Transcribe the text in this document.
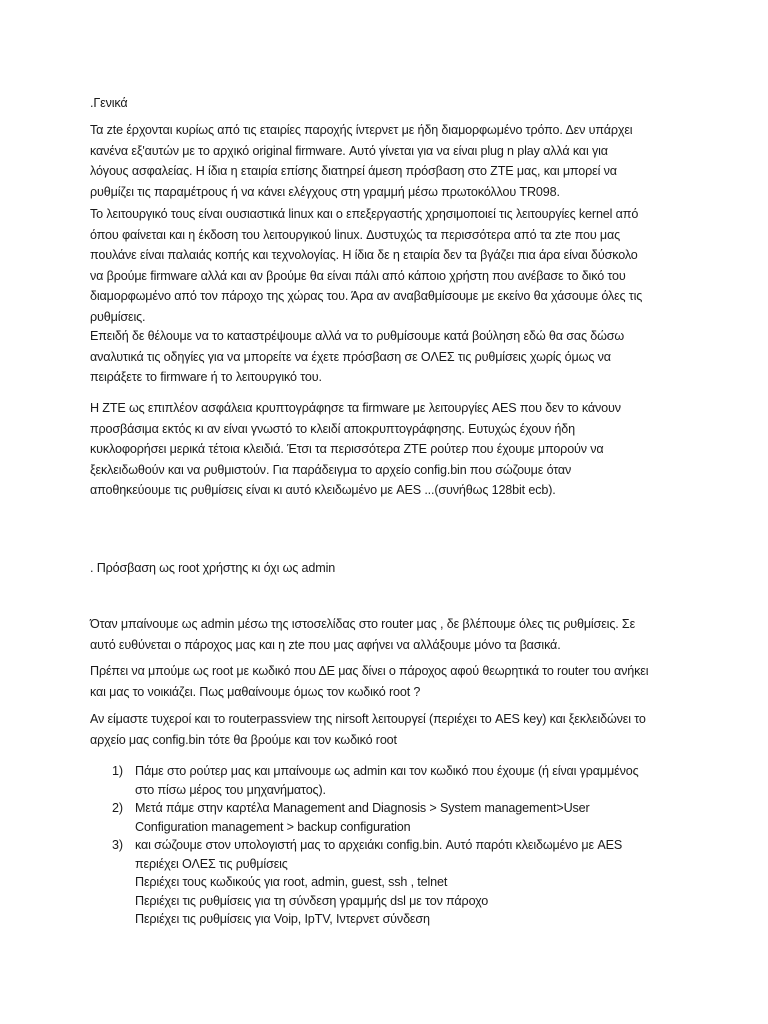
.Γενικά
Τα zte έρχονται κυρίως από τις εταιρίες παροχής ίντερνετ με ήδη διαμορφωμένο τρόπο. Δεν υπάρχει
κανένα εξ'αυτών με το αρχικό original firmware. Αυτό γίνεται για να είναι plug n play αλλά και για
λόγους ασφαλείας. Η ίδια η εταιρία επίσης διατηρεί άμεση πρόσβαση στο ZTE μας, και μπορεί να
ρυθμίζει τις παραμέτρους ή να κάνει ελέγχους στη γραμμή μέσω πρωτοκόλλου TR098.
Το λειτουργικό τους είναι ουσιαστικά linux και ο επεξεργαστής χρησιμοποιεί τις λειτουργίες kernel από
όπου φαίνεται και η έκδοση του λειτουργικού linux. Δυστυχώς τα περισσότερα από τα zte που μας
πουλάνε είναι παλαιάς κοπής και τεχνολογίας. Η ίδια δε η εταιρία δεν τα βγάζει πια άρα είναι δύσκολο
να βρούμε firmware αλλά και αν βρούμε θα είναι πάλι από κάποιο χρήστη που ανέβασε το δικό του
διαμορφωμένο από τον πάροχο της χώρας του. Άρα αν αναβαθμίσουμε με εκείνο θα χάσουμε όλες τις
ρυθμίσεις.
Επειδή δε θέλουμε να το καταστρέψουμε αλλά να το ρυθμίσουμε κατά βούληση εδώ θα σας δώσω
αναλυτικά τις οδηγίες για να μπορείτε να έχετε πρόσβαση σε ΟΛΕΣ τις ρυθμίσεις χωρίς όμως να
πειράξετε το firmware ή το λειτουργικό του.
Η ZTE ως επιπλέον ασφάλεια κρυπτογράφησε τα firmware με λειτουργίες AES που δεν το κάνουν
προσβάσιμα εκτός κι αν είναι γνωστό το κλειδί αποκρυπτογράφησης. Ευτυχώς έχουν ήδη
κυκλοφορήσει μερικά τέτοια κλειδιά. Έτσι τα περισσότερα ZTE ρούτερ που έχουμε μπορούν να
ξεκλειδωθούν και να ρυθμιστούν. Για παράδειγμα το αρχείο config.bin που σώζουμε όταν
αποθηκεύουμε τις ρυθμίσεις είναι κι αυτό κλειδωμένο με AES ...(συνήθως 128bit ecb).
. Πρόσβαση ως root χρήστης κι όχι ως admin
Όταν μπαίνουμε ως admin μέσω της ιστοσελίδας στο router μας , δε βλέπουμε όλες τις ρυθμίσεις. Σε
αυτό ευθύνεται ο πάροχος μας και η zte που μας αφήνει να αλλάξουμε μόνο τα βασικά.
Πρέπει να μπούμε ως root με κωδικό που ΔΕ μας δίνει ο πάροχος αφού θεωρητικά το router του ανήκει
και μας το νοικιάζει. Πως μαθαίνουμε όμως τον κωδικό root ?
Αν είμαστε τυχεροί και το routerpassview της nirsoft λειτουργεί (περιέχει το AES key) και ξεκλειδώνει το
αρχείο μας config.bin τότε θα βρούμε και τον κωδικό root
1) Πάμε στο ρούτερ μας και μπαίνουμε ως admin και τον κωδικό που έχουμε (ή είναι γραμμένος
στο πίσω μέρος του μηχανήματος).
2) Μετά πάμε στην καρτέλα Management and Diagnosis > System management>User
Configuration management > backup configuration
3) και σώζουμε στον υπολογιστή μας το αρχειάκι config.bin. Αυτό παρότι κλειδωμένο με AES
περιέχει ΟΛΕΣ τις ρυθμίσεις
Περιέχει τους κωδικούς για root, admin, guest, ssh , telnet
Περιέχει τις ρυθμίσεις για τη σύνδεση γραμμής dsl με τον πάροχο
Περιέχει τις ρυθμίσεις για Voip, IpTV, Ιντερνετ σύνδεση
